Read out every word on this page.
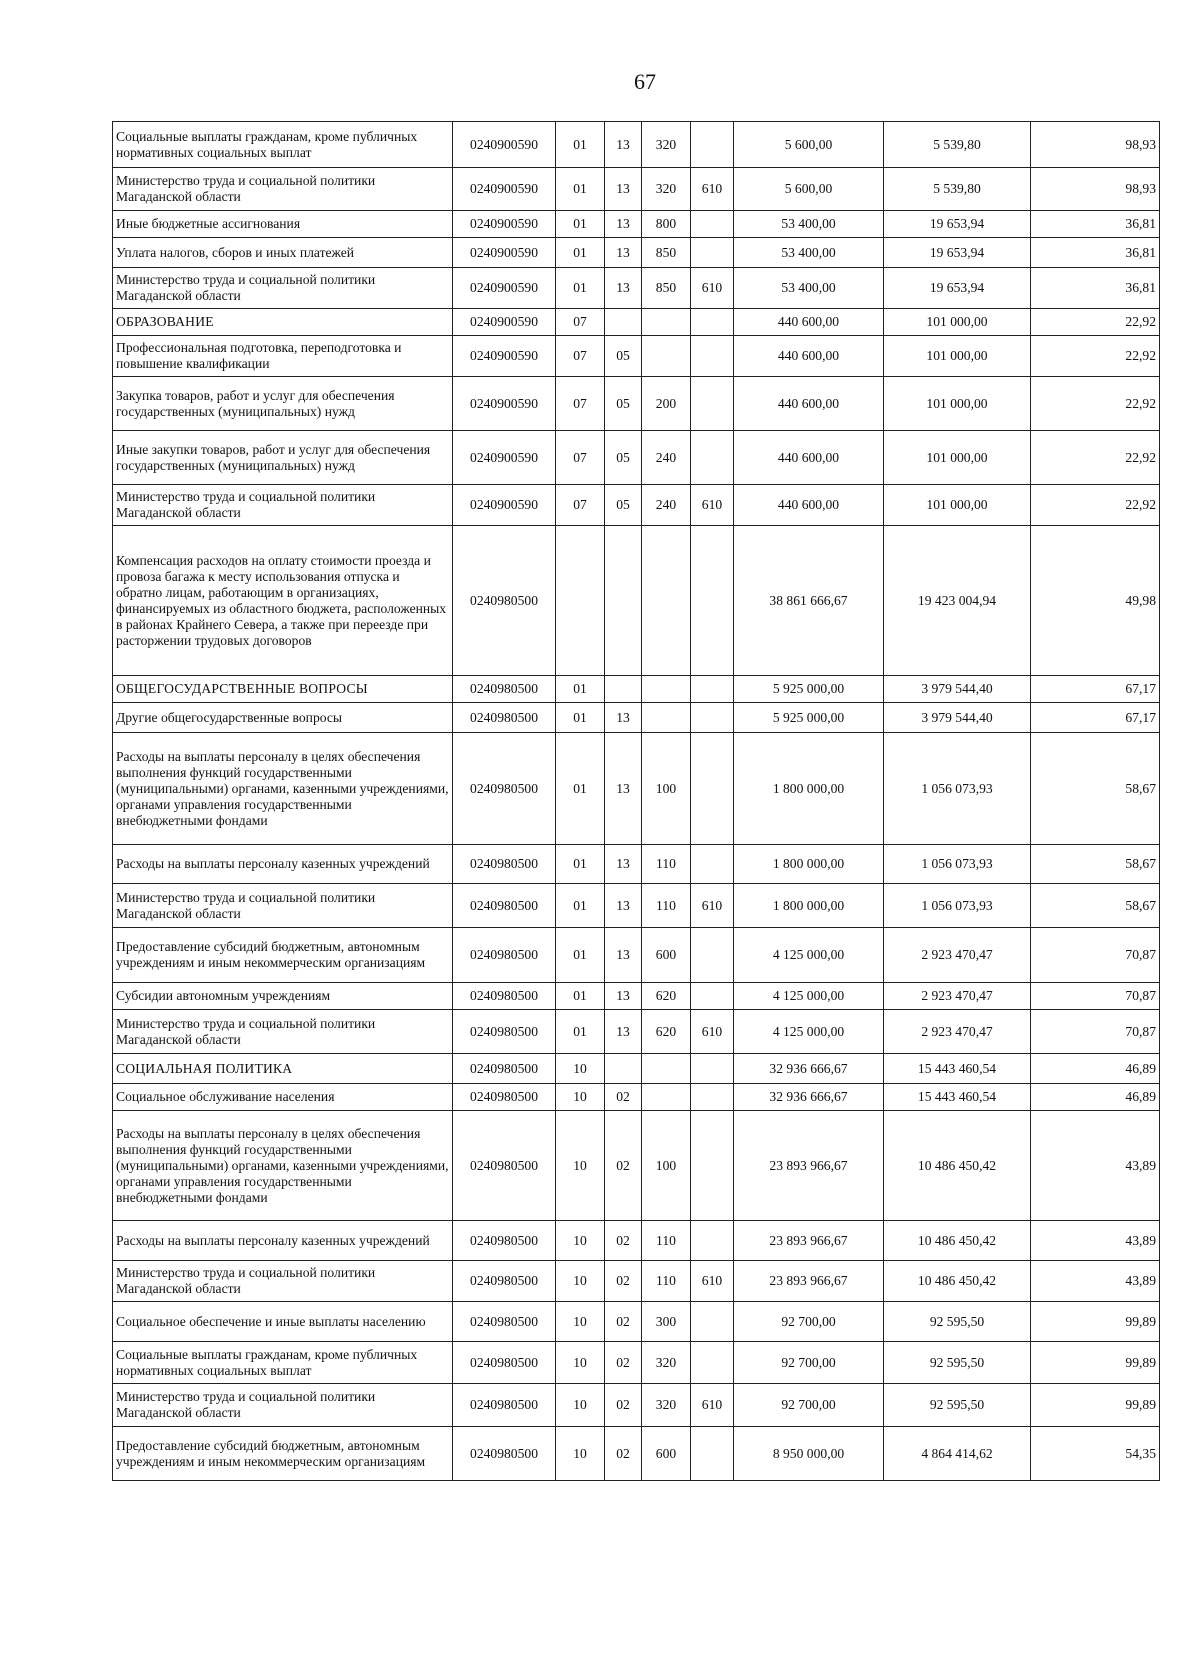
67
Социальные выплаты гражданам, кроме публичных нормативных социальных выплат	0240900590	01	13	320		5 600,00	5 539,80	98,93
Министерство труда и социальной политики Магаданской области	0240900590	01	13	320	610	5 600,00	5 539,80	98,93
Иные бюджетные ассигнования	0240900590	01	13	800		53 400,00	19 653,94	36,81
Уплата налогов, сборов и иных платежей	0240900590	01	13	850		53 400,00	19 653,94	36,81
Министерство труда и социальной политики Магаданской области	0240900590	01	13	850	610	53 400,00	19 653,94	36,81
ОБРАЗОВАНИЕ	0240900590	07				440 600,00	101 000,00	22,92
Профессиональная подготовка, переподготовка и повышение квалификации	0240900590	07	05			440 600,00	101 000,00	22,92
Закупка товаров, работ и услуг для обеспечения государственных (муниципальных) нужд	0240900590	07	05	200		440 600,00	101 000,00	22,92
Иные закупки товаров, работ и услуг для обеспечения государственных (муниципальных) нужд	0240900590	07	05	240		440 600,00	101 000,00	22,92
Министерство труда и социальной политики Магаданской области	0240900590	07	05	240	610	440 600,00	101 000,00	22,92
Компенсация расходов на оплату стоимости проезда и провоза багажа к месту использования отпуска и обратно лицам, работающим в организациях, финансируемых из областного бюджета, расположенных в районах Крайнего Севера, а также при переезде при расторжении трудовых договоров	0240980500					38 861 666,67	19 423 004,94	49,98
ОБЩЕГОСУДАРСТВЕННЫЕ ВОПРОСЫ	0240980500	01				5 925 000,00	3 979 544,40	67,17
Другие общегосударственные вопросы	0240980500	01	13			5 925 000,00	3 979 544,40	67,17
Расходы на выплаты персоналу в целях обеспечения выполнения функций государственными (муниципальными) органами, казенными учреждениями, органами управления государственными внебюджетными фондами	0240980500	01	13	100		1 800 000,00	1 056 073,93	58,67
Расходы на выплаты персоналу казенных учреждений	0240980500	01	13	110		1 800 000,00	1 056 073,93	58,67
Министерство труда и социальной политики Магаданской области	0240980500	01	13	110	610	1 800 000,00	1 056 073,93	58,67
Предоставление субсидий бюджетным, автономным учреждениям и иным некоммерческим организациям	0240980500	01	13	600		4 125 000,00	2 923 470,47	70,87
Субсидии автономным учреждениям	0240980500	01	13	620		4 125 000,00	2 923 470,47	70,87
Министерство труда и социальной политики Магаданской области	0240980500	01	13	620	610	4 125 000,00	2 923 470,47	70,87
СОЦИАЛЬНАЯ ПОЛИТИКА	0240980500	10				32 936 666,67	15 443 460,54	46,89
Социальное обслуживание населения	0240980500	10	02			32 936 666,67	15 443 460,54	46,89
Расходы на выплаты персоналу в целях обеспечения выполнения функций государственными (муниципальными) органами, казенными учреждениями, органами управления государственными внебюджетными фондами	0240980500	10	02	100		23 893 966,67	10 486 450,42	43,89
Расходы на выплаты персоналу казенных учреждений	0240980500	10	02	110		23 893 966,67	10 486 450,42	43,89
Министерство труда и социальной политики Магаданской области	0240980500	10	02	110	610	23 893 966,67	10 486 450,42	43,89
Социальное обеспечение и иные выплаты населению	0240980500	10	02	300		92 700,00	92 595,50	99,89
Социальные выплаты гражданам, кроме публичных нормативных социальных выплат	0240980500	10	02	320		92 700,00	92 595,50	99,89
Министерство труда и социальной политики Магаданской области	0240980500	10	02	320	610	92 700,00	92 595,50	99,89
Предоставление субсидий бюджетным, автономным учреждениям и иным некоммерческим организациям	0240980500	10	02	600		8 950 000,00	4 864 414,62	54,35
